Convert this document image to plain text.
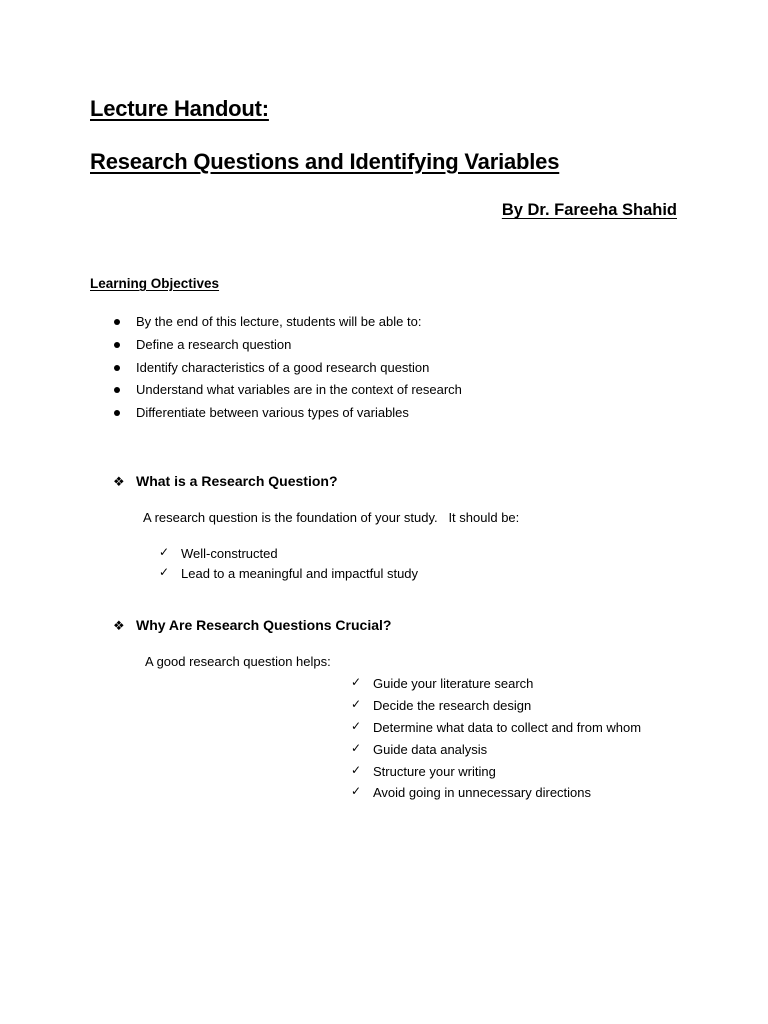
Lecture Handout:
Research Questions and Identifying Variables
By Dr. Fareeha Shahid
Learning Objectives
By the end of this lecture, students will be able to:
Define a research question
Identify characteristics of a good research question
Understand what variables are in the context of research
Differentiate between various types of variables
❖ What is a Research Question?
A research question is the foundation of your study.   It should be:
✓ Well-constructed
✓ Lead to a meaningful and impactful study
❖ Why Are Research Questions Crucial?
A good research question helps:
✓ Guide your literature search
✓ Decide the research design
✓ Determine what data to collect and from whom
✓ Guide data analysis
✓ Structure your writing
✓ Avoid going in unnecessary directions
